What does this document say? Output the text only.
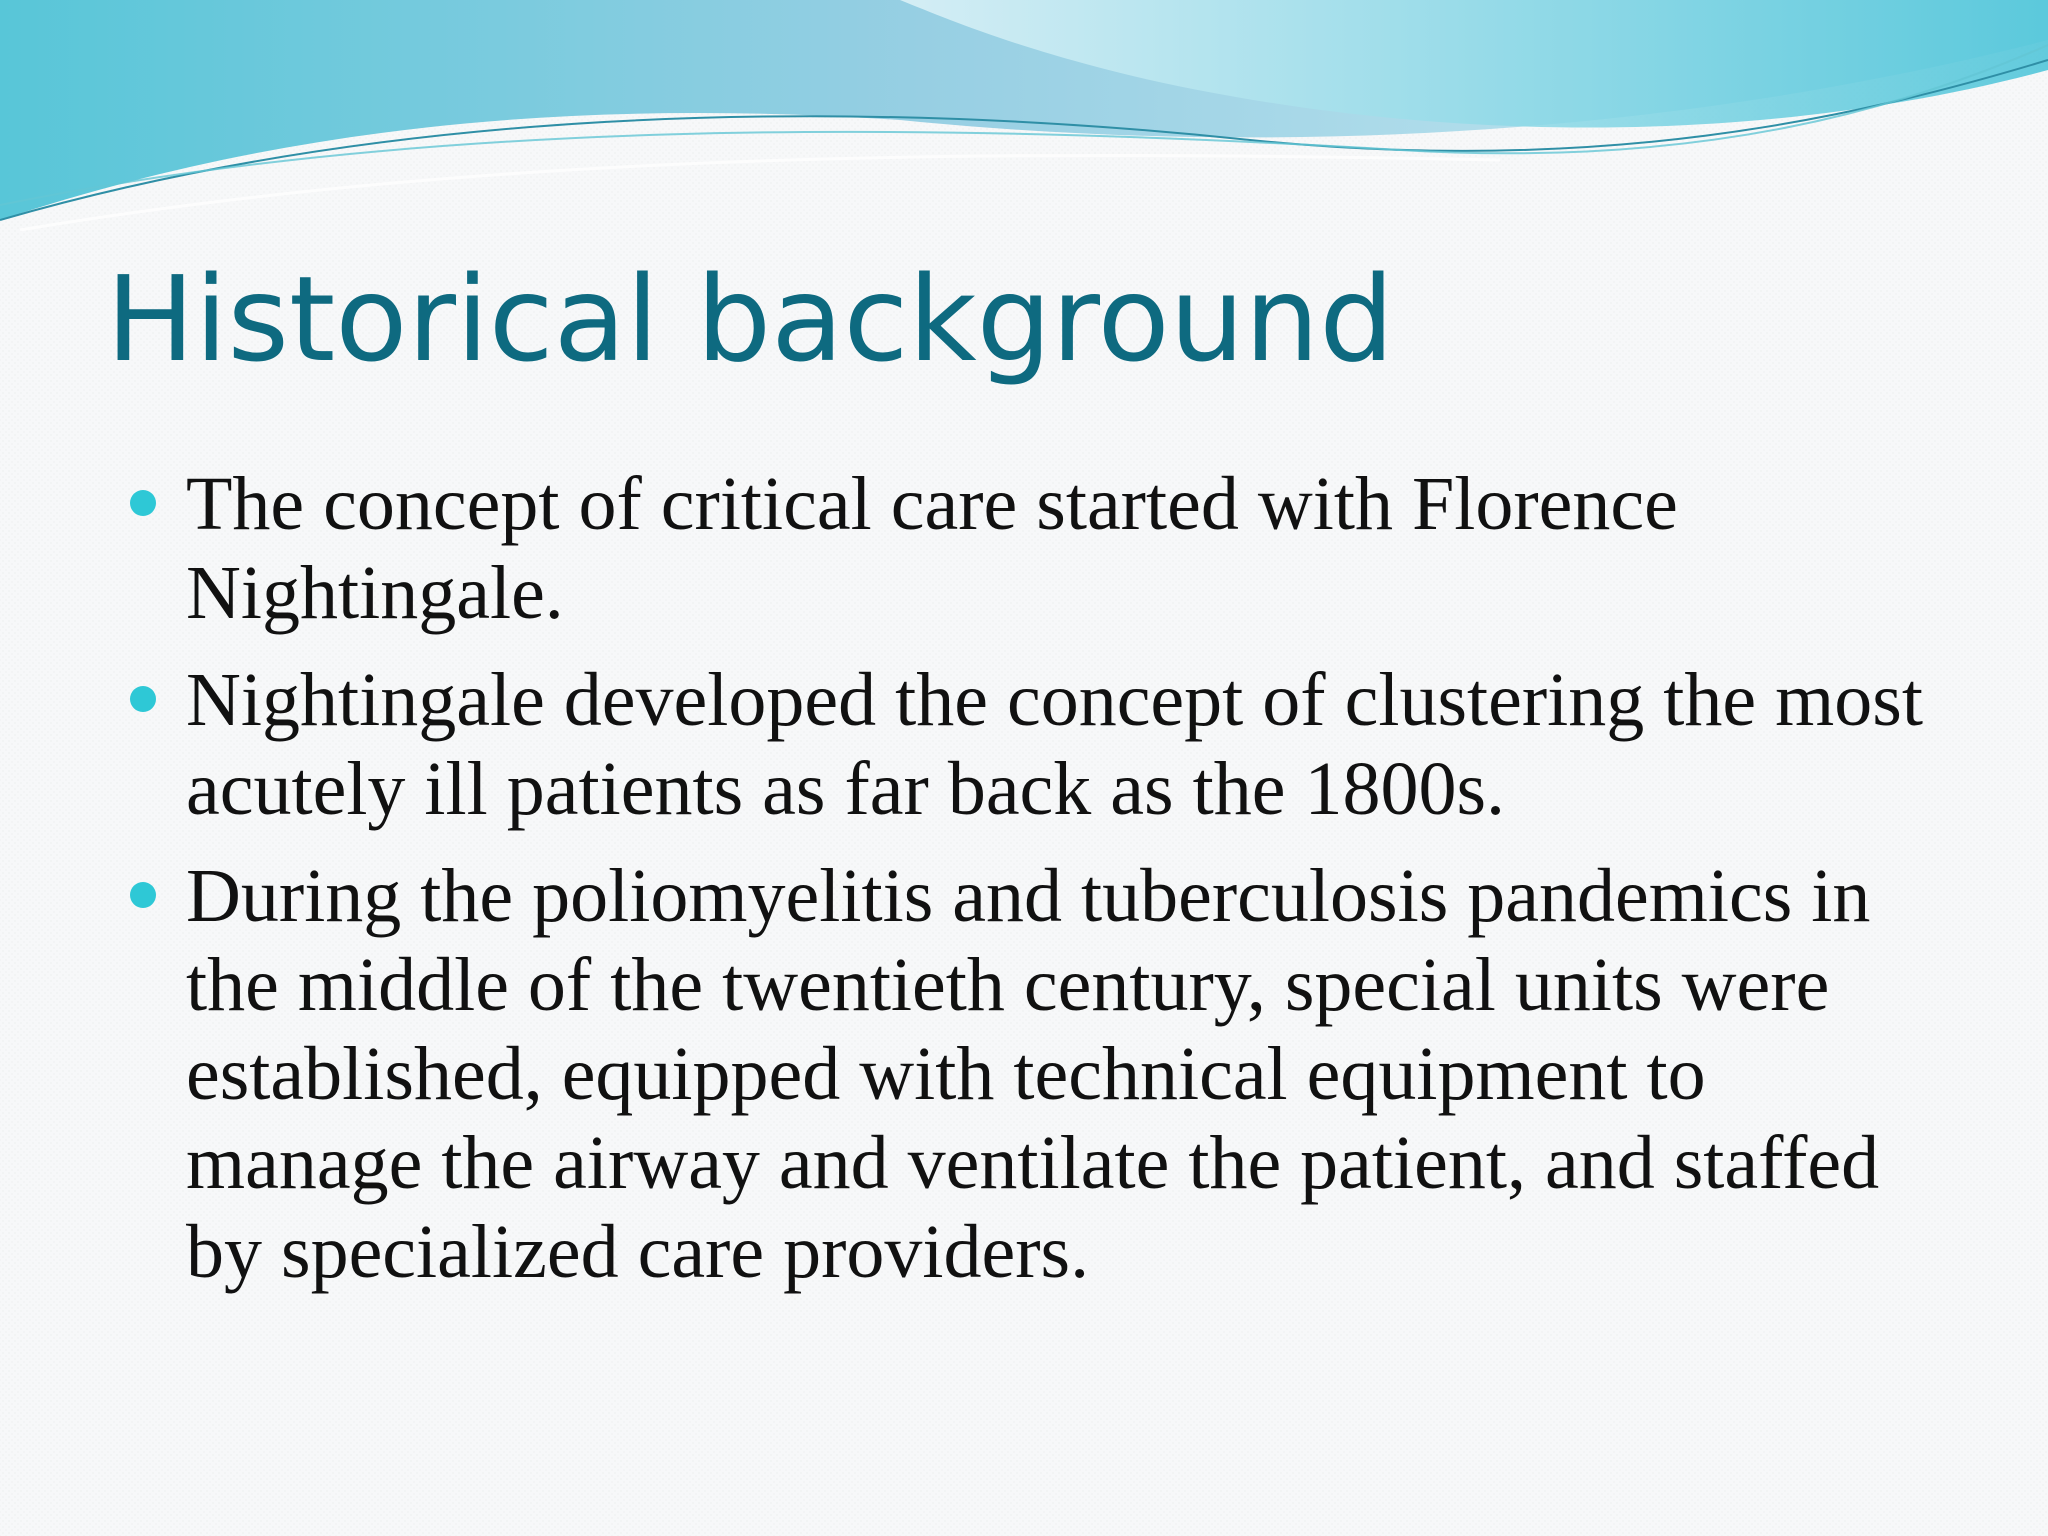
Historical background
The concept of critical care started with Florence Nightingale.
Nightingale developed the concept of clustering the most acutely ill patients as far back as the 1800s.
During the poliomyelitis and tuberculosis pandemics in the middle of the twentieth century, special units were established, equipped with technical equipment to manage the airway and ventilate the patient, and staffed by specialized care providers.
